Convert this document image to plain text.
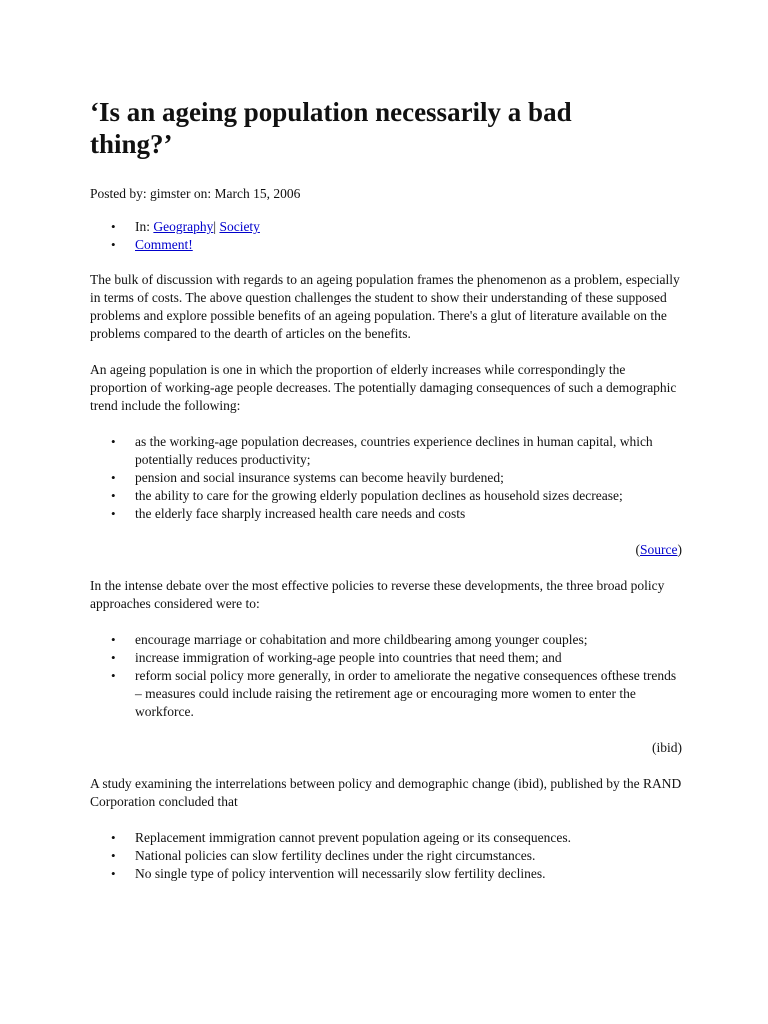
‘Is an ageing population necessarily a bad thing?’
Posted by: gimster on: March 15, 2006
• In: Geography| Society
• Comment!

The bulk of discussion with regards to an ageing population frames the phenomenon as a problem, especially in terms of costs. The above question challenges the student to show their understanding of these supposed problems and explore possible benefits of an ageing population. There's a glut of literature available on the problems compared to the dearth of articles on the benefits.

An ageing population is one in which the proportion of elderly increases while correspondingly the proportion of working-age people decreases. The potentially damaging consequences of such a demographic trend include the following:

• as the working-age population decreases, countries experience declines in human capital, which potentially reduces productivity;
• pension and social insurance systems can become heavily burdened;
• the ability to care for the growing elderly population declines as household sizes decrease;
• the elderly face sharply increased health care needs and costs

(Source)

In the intense debate over the most effective policies to reverse these developments, the three broad policy approaches considered were to:

• encourage marriage or cohabitation and more childbearing among younger couples;
• increase immigration of working-age people into countries that need them; and
• reform social policy more generally, in order to ameliorate the negative consequences ofthese trends – measures could include raising the retirement age or encouraging more women to enter the workforce.

(ibid)

A study examining the interrelations between policy and demographic change (ibid), published by the RAND Corporation concluded that

• Replacement immigration cannot prevent population ageing or its consequences.
• National policies can slow fertility declines under the right circumstances.
• No single type of policy intervention will necessarily slow fertility declines.
